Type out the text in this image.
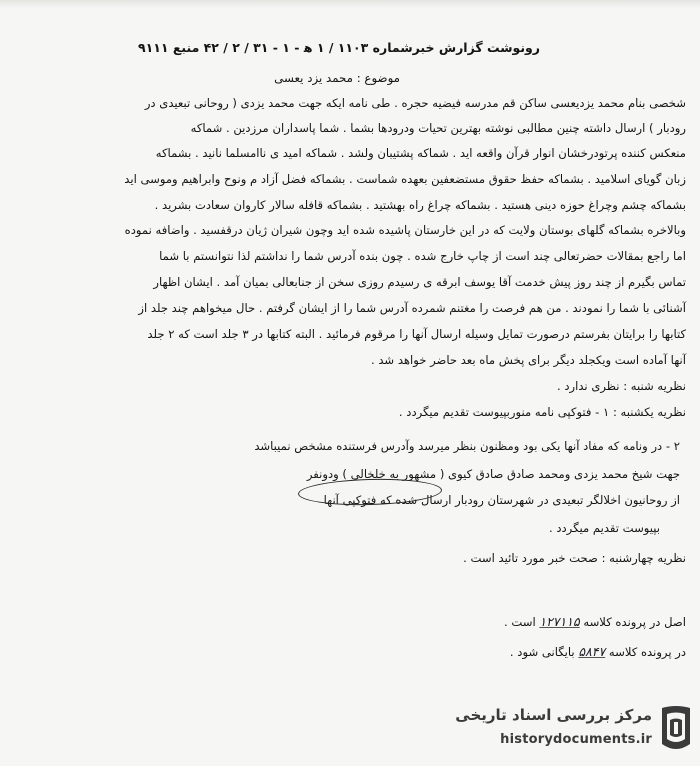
رونوشت گزارش خبرشماره ۱۱۰۳ / ۱ ه‍ - ۱ - ۳۱ / ۲ / ۴۲ منبع ۹۱۱۱
موضوع : محمد یزد یعسی
شخصی بنام محمد یزدیعسی ساکن قم مدرسه فیضیه حجره . طی نامه ایکه جهت محمد یزدی ( روحانی تبعیدی در
رودبار ) ارسال داشته چنین مطالبی نوشته بهترین تحیات ودرودها بشما . شما پاسداران مرزدین . شماکه
منعکس کننده پرتودرخشان انوار قرآن واقعه اید . شماکه پشتیبان ولشد . شماکه امید ی ناامسلما نانید . بشماکه
زبان گویای اسلامید . بشماکه حفظ حقوق مستضعفین بعهده شماست . بشماکه فضل آزاد م ونوح وابراهیم وموسی اید
بشماکه چشم وچراغ حوزه دینی هستید . بشماکه چراغ راه بهشتید . بشماکه قافله سالار کاروان سعادت بشرید .
وبالاخره بشماکه گلهای بوستان ولایت که در این خارستان پاشیده شده اید وچون شیران ژیان درقفسید . واضافه نموده
اما راجع بمقالات حضرتعالی چند است از چاپ خارج شده . چون بنده آدرس شما را نداشتم لذا نتوانستم با شما
تماس بگیرم از چند روز پیش خدمت آقا یوسف ابرقه ی رسیدم روزی سخن از جنابعالی بمیان آمد . ایشان اظهار
آشنائی با شما را نمودند . من هم فرصت را مغتنم شمرده آدرس شما را از ایشان گرفتم . حال میخواهم چند جلد از
کتابها را برایتان بفرستم درصورت تمایل وسیله ارسال آنها را مرقوم فرمائید . البته کتابها در ۳ جلد است که ۲ جلد
آنها آماده است ویکجلد دیگر برای پخش ماه بعد حاضر خواهد شد .
نظریه شنبه : نظری ندارد .
نظریه یکشنبه : ۱ - فتوکپی نامه منوربپیوست تقدیم میگردد .
۲ - در ونامه که مفاد آنها یکی بود ومظنون بنظر میرسد وآدرس فرستنده مشخص نمیباشد
جهت شیخ محمد یزدی ومحمد صادق صادق کیوی ( مشهور به خلخالی ) ودونفر
از روحانیون اخلالگر تبعیدی در شهرستان رودبار ارسال شده که فتوکپی آنها
بپیوست تقدیم میگردد .
نظریه چهارشنبه : صحت خبر مورد تائید است .
اصل در پرونده کلاسه ۱۲۷۱۱۵ است .
در پرونده کلاسه ۵۸۴۷ بایگانی شود .
مرکز بررسی اسناد تاریخی
historydocuments.ir
